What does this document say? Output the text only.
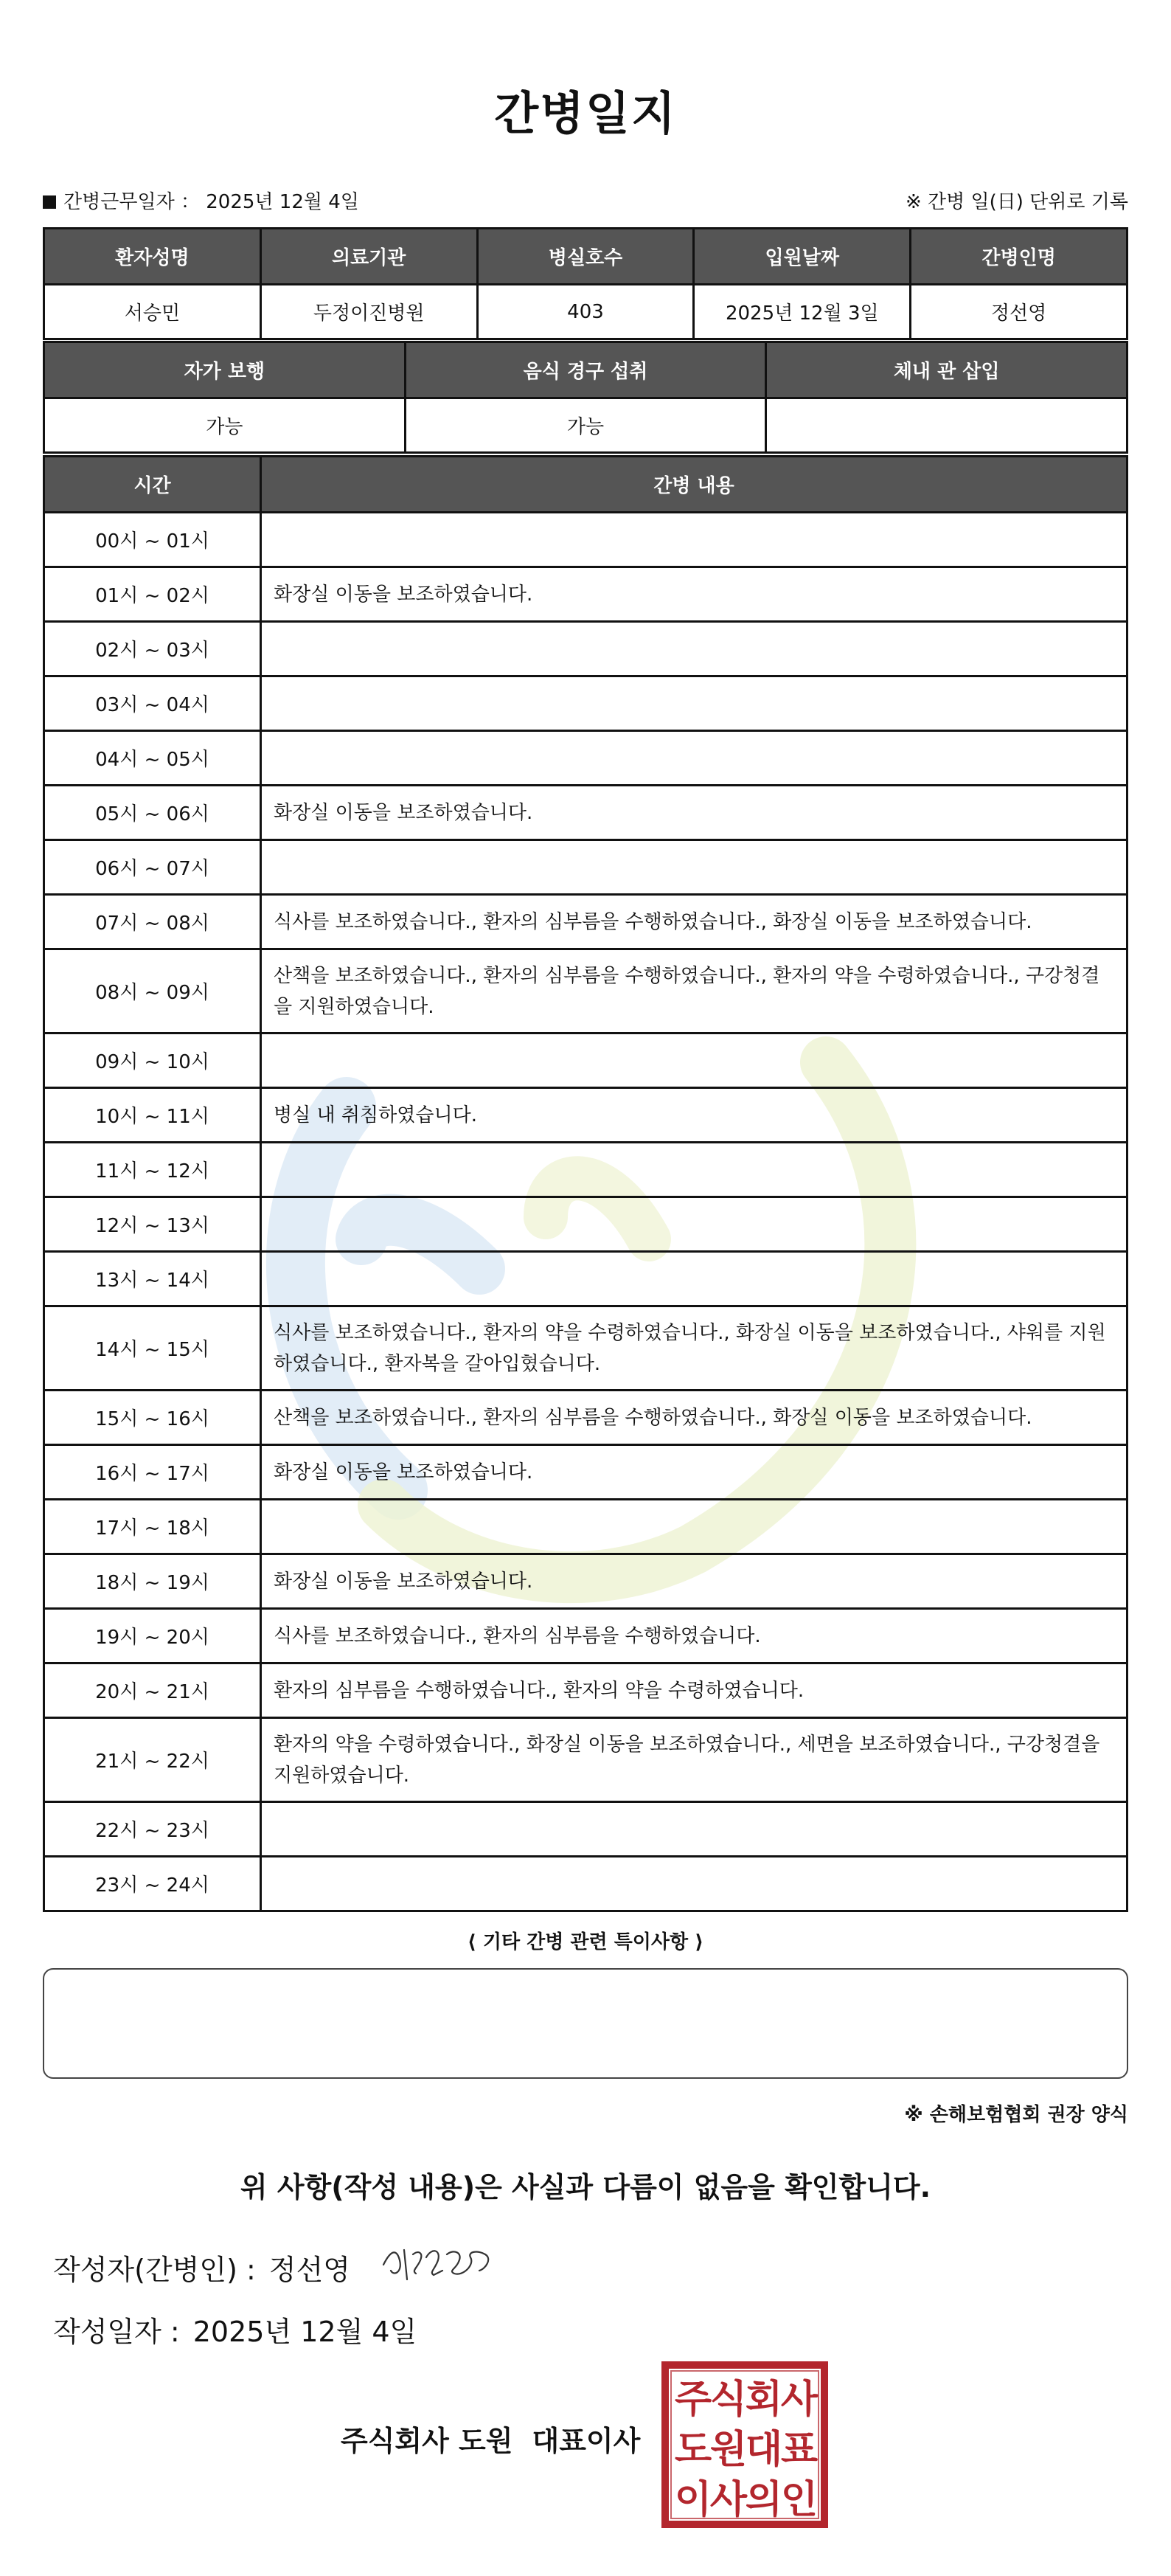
간병일지
간병근무일자 ： 2025년 12월 4일	※ 간병 일(日) 단위로 기록
환자성명	의료기관	병실호수	입원날짜	간병인명
서승민	두정이진병원	403	2025년 12월 3일	정선영
자가 보행	음식 경구 섭취	체내 관 삽입
가능	가능	
시간	간병 내용
00시 ~ 01시	
01시 ~ 02시	화장실 이동을 보조하였습니다.
02시 ~ 03시	
03시 ~ 04시	
04시 ~ 05시	
05시 ~ 06시	화장실 이동을 보조하였습니다.
06시 ~ 07시	
07시 ~ 08시	식사를 보조하였습니다., 환자의 심부름을 수행하였습니다., 화장실 이동을 보조하였습니다.
08시 ~ 09시	산책을 보조하였습니다., 환자의 심부름을 수행하였습니다., 환자의 약을 수령하였습니다., 구강청결을 지원하였습니다.
09시 ~ 10시	
10시 ~ 11시	병실 내 취침하였습니다.
11시 ~ 12시	
12시 ~ 13시	
13시 ~ 14시	
14시 ~ 15시	식사를 보조하였습니다., 환자의 약을 수령하였습니다., 화장실 이동을 보조하였습니다., 샤워를 지원하였습니다., 환자복을 갈아입혔습니다.
15시 ~ 16시	산책을 보조하였습니다., 환자의 심부름을 수행하였습니다., 화장실 이동을 보조하였습니다.
16시 ~ 17시	화장실 이동을 보조하였습니다.
17시 ~ 18시	
18시 ~ 19시	화장실 이동을 보조하였습니다.
19시 ~ 20시	식사를 보조하였습니다., 환자의 심부름을 수행하였습니다.
20시 ~ 21시	환자의 심부름을 수행하였습니다., 환자의 약을 수령하였습니다.
21시 ~ 22시	환자의 약을 수령하였습니다., 화장실 이동을 보조하였습니다., 세면을 보조하였습니다., 구강청결을 지원하였습니다.
22시 ~ 23시	
23시 ~ 24시	
⟨ 기타 간병 관련 특이사항 ⟩
※ 손해보험협회 권장 양식
위 사항(작성 내용)은 사실과 다름이 없음을 확인합니다.
작성자(간병인) : 정선영
작성일자 : 2025년 12월 4일
주식회사 도원 대표이사
주
식
회
사
도
원
대
표
이
사
의
인
